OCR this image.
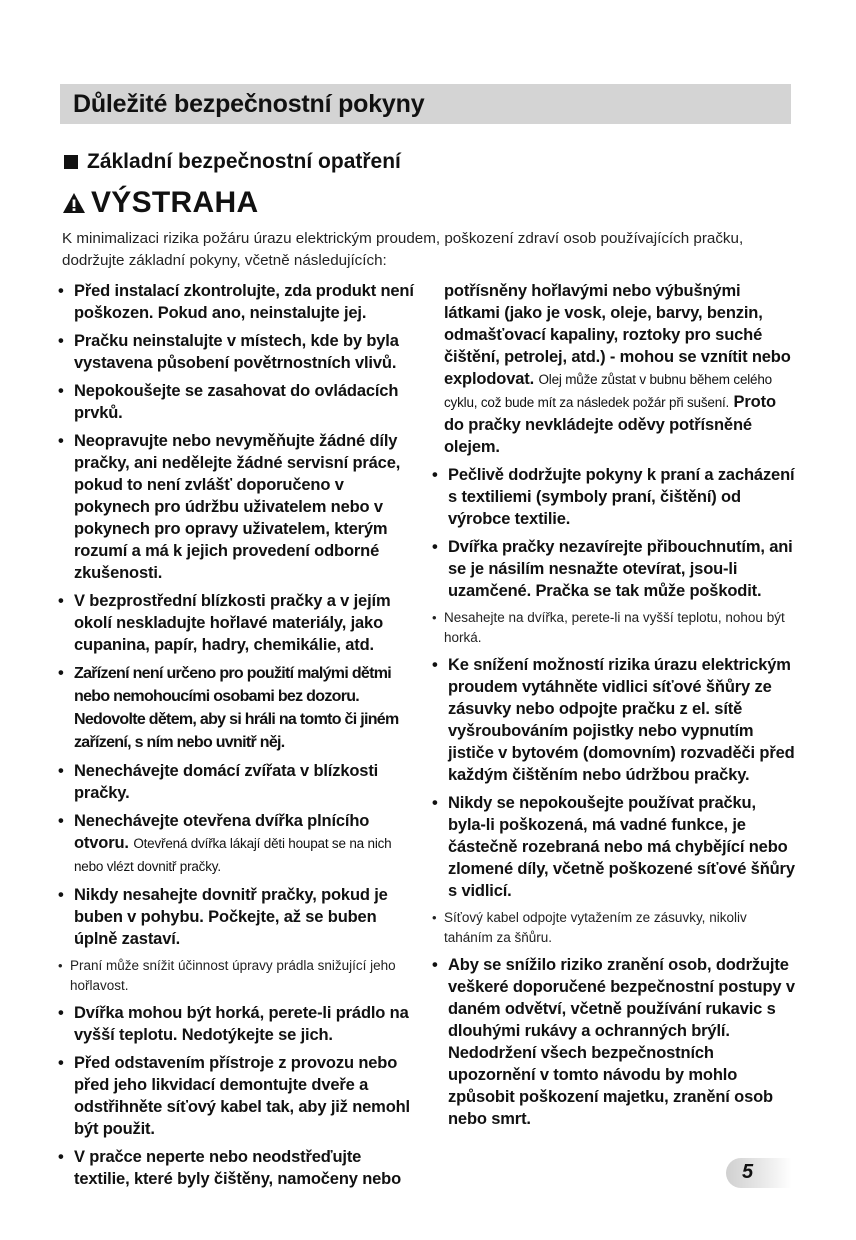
Důležité bezpečnostní pokyny
Základní bezpečnostní opatření
VÝSTRAHA
K minimalizaci rizika požáru úrazu elektrickým proudem, poškození zdraví osob používajících pračku, dodržujte základní pokyny, včetně následujících:
• Před instalací zkontrolujte, zda produkt není poškozen. Pokud ano, neinstalujte jej.
• Pračku neinstalujte v místech, kde by byla vystavena působení povětrnostních vlivů.
• Nepokoušejte se zasahovat do ovládacích prvků.
• Neopravujte nebo nevyměňujte žádné díly pračky, ani nedělejte žádné servisní práce, pokud to není zvlášť doporučeno v pokynech pro údržbu uživatelem nebo v pokynech pro opravy uživatelem, kterým rozumí a má k jejich provedení odborné zkušenosti.
• V bezprostřední blízkosti pračky a v jejím okolí neskladujte hořlavé materiály, jako cupanina, papír, hadry, chemikálie, atd.
• Zařízení není určeno pro použití malými dětmi nebo nemohoucími osobami bez dozoru. Nedovolte dětem, aby si hráli na tomto či jiném zařízení, s ním nebo uvnitř něj.
• Nenechávejte domácí zvířata v blízkosti pračky.
• Nenechávejte otevřena dvířka plnícího otvoru. Otevřená dvířka lákají děti houpat se na nich nebo vlézt dovnitř pračky.
• Nikdy nesahejte dovnitř pračky, pokud je buben v pohybu. Počkejte, až se buben úplně zastaví.
• Praní může snížit účinnost úpravy prádla snižující jeho hořlavost.
• Dvířka mohou být horká, perete-li prádlo na vyšší teplotu. Nedotýkejte se jich.
• Před odstavením přístroje z provozu nebo před jeho likvidací demontujte dveře a odstřihněte síťový kabel tak, aby již nemohl být použit.
• V pračce neperte nebo neodstřeďujte textilie, které byly čištěny, namočeny nebo
potřísněny hořlavými nebo výbušnými látkami (jako je vosk, oleje, barvy, benzin, odmašťovací kapaliny, roztoky pro suché čištění, petrolej, atd.) - mohou se vznítit nebo explodovat. Olej může zůstat v bubnu během celého cyklu, což bude mít za následek požár při sušení. Proto do pračky nevkládejte oděvy potřísněné olejem.
• Pečlivě dodržujte pokyny k praní a zacházení s textiliemi (symboly praní, čištění) od výrobce textilie.
• Dvířka pračky nezavírejte přibouchnutím, ani se je násilím nesnažte otevírat, jsou-li uzamčené. Pračka se tak může poškodit.
• Nesahejte na dvířka, perete-li na vyšší teplotu, nohou být horká.
• Ke snížení možností rizika úrazu elektrickým proudem vytáhněte vidlici síťové šňůry ze zásuvky nebo odpojte pračku z el. sítě vyšroubováním pojistky nebo vypnutím jističe v bytovém (domovním) rozvaděči před každým čištěním nebo údržbou pračky.
• Nikdy se nepokoušejte používat pračku, byla-li poškozená, má vadné funkce, je částečně rozebraná nebo má chybějící nebo zlomené díly, včetně poškozené síťové šňůry s vidlicí.
• Síťový kabel odpojte vytažením ze zásuvky, nikoliv taháním za šňůru.
• Aby se snížilo riziko zranění osob, dodržujte veškeré doporučené bezpečnostní postupy v daném odvětví, včetně používání rukavic s dlouhými rukávy a ochranných brýlí. Nedodržení všech bezpečnostních upozornění v tomto návodu by mohlo způsobit poškození majetku, zranění osob nebo smrt.
5
